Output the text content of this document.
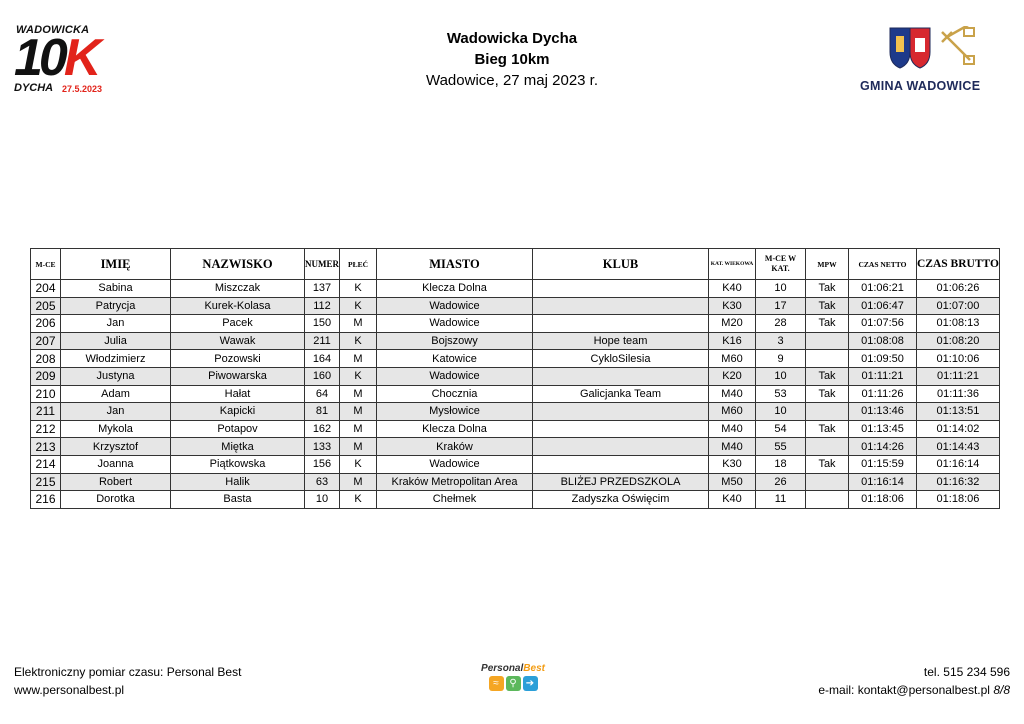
WADOWICKA
10K
DYCHA 27.5.2023
Wadowicka Dycha
Bieg 10km
Wadowice, 27 maj 2023 r.	GMINA WADOWICE
M-CE	IMIĘ	NAZWISKO	NUMER	PŁEĆ	MIASTO	KLUB	KAT. WIEKOWA	M-CE W KAT.	MPW	CZAS NETTO	CZAS BRUTTO
204	Sabina	Miszczak	137	K	Klecza Dolna		K40	10	Tak	01:06:21	01:06:26
205	Patrycja	Kurek-Kolasa	112	K	Wadowice		K30	17	Tak	01:06:47	01:07:00
206	Jan	Pacek	150	M	Wadowice		M20	28	Tak	01:07:56	01:08:13
207	Julia	Wawak	211	K	Bojszowy	Hope team	K16	3		01:08:08	01:08:20
208	Włodzimierz	Pozowski	164	M	Katowice	CykloSilesia	M60	9		01:09:50	01:10:06
209	Justyna	Piwowarska	160	K	Wadowice		K20	10	Tak	01:11:21	01:11:21
210	Adam	Hałat	64	M	Chocznia	Galicjanka Team	M40	53	Tak	01:11:26	01:11:36
211	Jan	Kapicki	81	M	Mysłowice		M60	10		01:13:46	01:13:51
212	Mykola	Potapov	162	M	Klecza Dolna		M40	54	Tak	01:13:45	01:14:02
213	Krzysztof	Miętka	133	M	Kraków		M40	55		01:14:26	01:14:43
214	Joanna	Piątkowska	156	K	Wadowice		K30	18	Tak	01:15:59	01:16:14
215	Robert	Halik	63	M	Kraków Metropolitan Area	BLIŻEJ PRZEDSZKOLA	M50	26		01:16:14	01:16:32
216	Dorotka	Basta	10	K	Chełmek	Zadyszka Oświęcim	K40	11		01:18:06	01:18:06
Elektroniczny pomiar czasu: Personal Best
www.personalbest.pl
PersonalBest
≈	⚲ ➔
tel. 515 234 596
e-mail: kontakt@personalbest.pl 8/8
